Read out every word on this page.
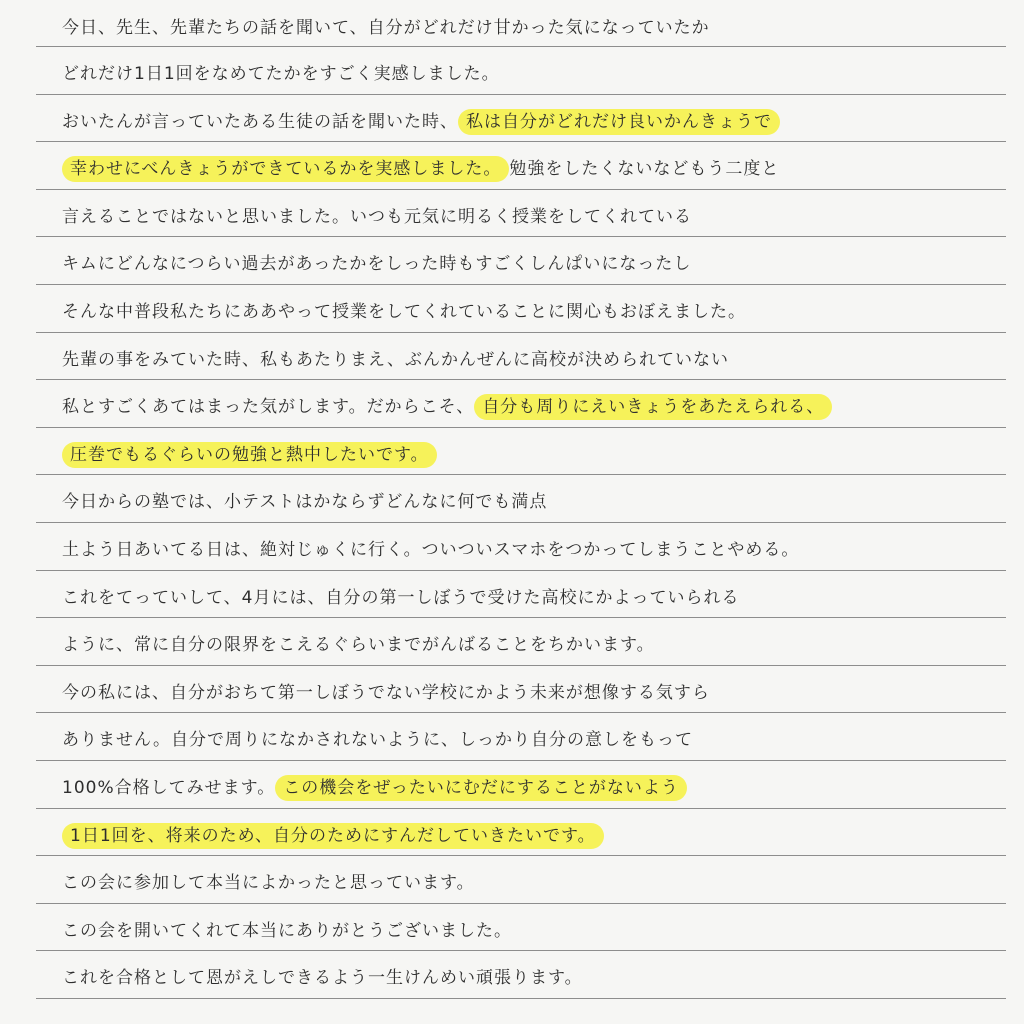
今日、先生、先輩たちの話を聞いて、自分がどれだけ甘かった気になっていたか
どれだけ1日1回をなめてたかをすごく実感しました。
おいたんが言っていたある生徒の話を聞いた時、 私は自分がどれだけ良いかんきょうで
幸わせにべんきょうができているかを実感しました。 勉強をしたくないなどもう二度と
言えることではないと思いました。いつも元気に明るく授業をしてくれている
キムにどんなにつらい過去があったかをしった時もすごくしんぱいになったし
そんな中普段私たちにああやって授業をしてくれていることに関心もおぼえました。
先輩の事をみていた時、私もあたりまえ、ぶんかんぜんに高校が決められていない
私とすごくあてはまった気がします。だからこそ、 自分も周りにえいきょうをあたえられる、
圧巻でもるぐらいの勉強と熱中したいです。
今日からの塾では、小テストはかならずどんなに何でも満点
土よう日あいてる日は、絶対じゅくに行く。ついついスマホをつかってしまうことやめる。
これをてっていして、4月には、自分の第一しぼうで受けた高校にかよっていられる
ように、常に自分の限界をこえるぐらいまでがんばることをちかいます。
今の私には、自分がおちて第一しぼうでない学校にかよう未来が想像する気すら
ありません。自分で周りになかされないように、しっかり自分の意しをもって
100%合格してみせます。 この機会をぜったいにむだにすることがないよう
1日1回を、将来のため、自分のためにすんだしていきたいです。
この会に参加して本当によかったと思っています。
この会を開いてくれて本当にありがとうございました。
これを合格として恩がえしできるよう一生けんめい頑張ります。
